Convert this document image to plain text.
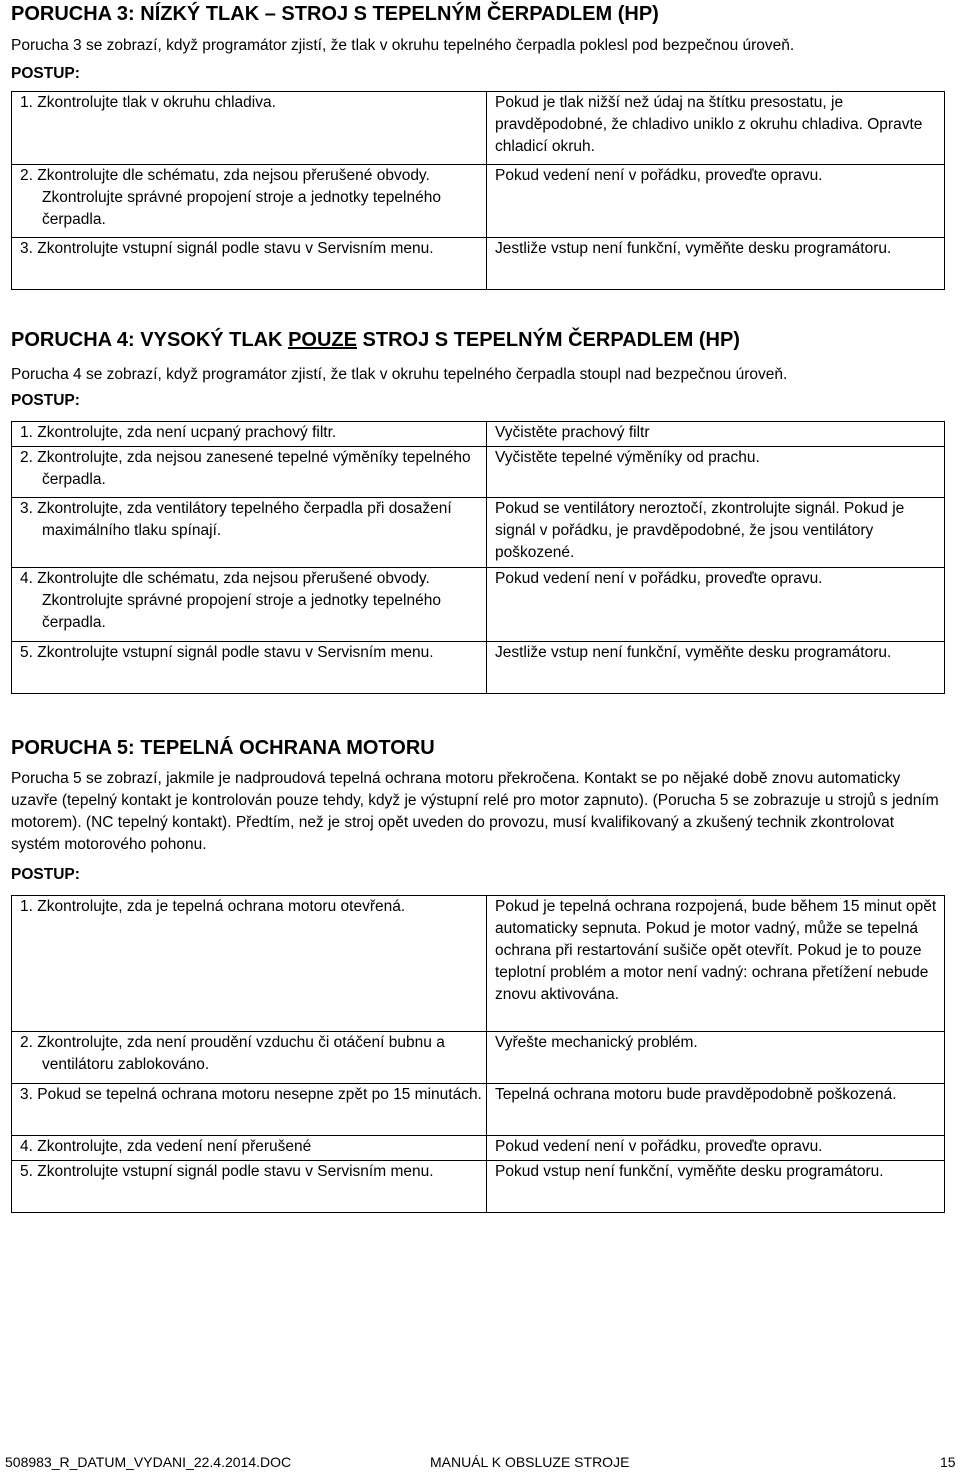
PORUCHA 3: NÍZKÝ TLAK – STROJ S TEPELNÝM ČERPADLEM (HP)

Porucha 3 se zobrazí, když programátor zjistí, že tlak v okruhu tepelného čerpadla poklesl pod bezpečnou úroveň.

POSTUP:

1. Zkontrolujte tlak v okruhu chladiva.	Pokud je tlak nižší než údaj na štítku presostatu, je pravděpodobné, že chladivo uniklo z okruhu chladiva. Opravte chladicí okruh.

2. Zkontrolujte dle schématu, zda nejsou přerušené obvody. Zkontrolujte správné propojení stroje a jednotky tepelného čerpadla.	Pokud vedení není v pořádku, proveďte opravu.

3. Zkontrolujte vstupní signál podle stavu v Servisním menu.	Jestliže vstup není funkční, vyměňte desku programátoru.
PORUCHA 4: VYSOKÝ TLAK POUZE STROJ S TEPELNÝM ČERPADLEM (HP)

Porucha 4 se zobrazí, když programátor zjistí, že tlak v okruhu tepelného čerpadla stoupl nad bezpečnou úroveň.

POSTUP:

1. Zkontrolujte, zda není ucpaný prachový filtr.	Vyčistěte prachový filtr

2. Zkontrolujte, zda nejsou zanesené tepelné výměníky tepelného čerpadla.	Vyčistěte tepelné výměníky od prachu.

3. Zkontrolujte, zda ventilátory tepelného čerpadla při dosažení maximálního tlaku spínají.	Pokud se ventilátory neroztočí, zkontrolujte signál. Pokud je signál v pořádku, je pravděpodobné, že jsou ventilátory poškozené.

4. Zkontrolujte dle schématu, zda nejsou přerušené obvody. Zkontrolujte správné propojení stroje a jednotky tepelného čerpadla.	Pokud vedení není v pořádku, proveďte opravu.

5. Zkontrolujte vstupní signál podle stavu v Servisním menu.	Jestliže vstup není funkční, vyměňte desku programátoru.
PORUCHA 5: TEPELNÁ OCHRANA MOTORU

Porucha 5 se zobrazí, jakmile je nadproudová tepelná ochrana motoru překročena. Kontakt se po nějaké době znovu automaticky uzavře (tepelný kontakt je kontrolován pouze tehdy, když je výstupní relé pro motor zapnuto). (Porucha 5 se zobrazuje u strojů s jedním motorem). (NC tepelný kontakt). Předtím, než je stroj opět uveden do provozu, musí kvalifikovaný a zkušený technik zkontrolovat systém motorového pohonu.

POSTUP:

1. Zkontrolujte, zda je tepelná ochrana motoru otevřená.	Pokud je tepelná ochrana rozpojená, bude během 15 minut opět automaticky sepnuta. Pokud je motor vadný, může se tepelná ochrana při restartování sušiče opět otevřít. Pokud je to pouze teplotní problém a motor není vadný: ochrana přetížení nebude znovu aktivována.

2. Zkontrolujte, zda není proudění vzduchu či otáčení bubnu a ventilátoru zablokováno.	Vyřešte mechanický problém.

3. Pokud se tepelná ochrana motoru nesepne zpět po 15 minutách.	Tepelná ochrana motoru bude pravděpodobně poškozená.

4. Zkontrolujte, zda vedení není přerušené	Pokud vedení není v pořádku, proveďte opravu.

5. Zkontrolujte vstupní signál podle stavu v Servisním menu.	Pokud vstup není funkční, vyměňte desku programátoru.
508983_R_DATUM_VYDANI_22.4.2014.DOC	MANUÁL K OBSLUZE STROJE	15
